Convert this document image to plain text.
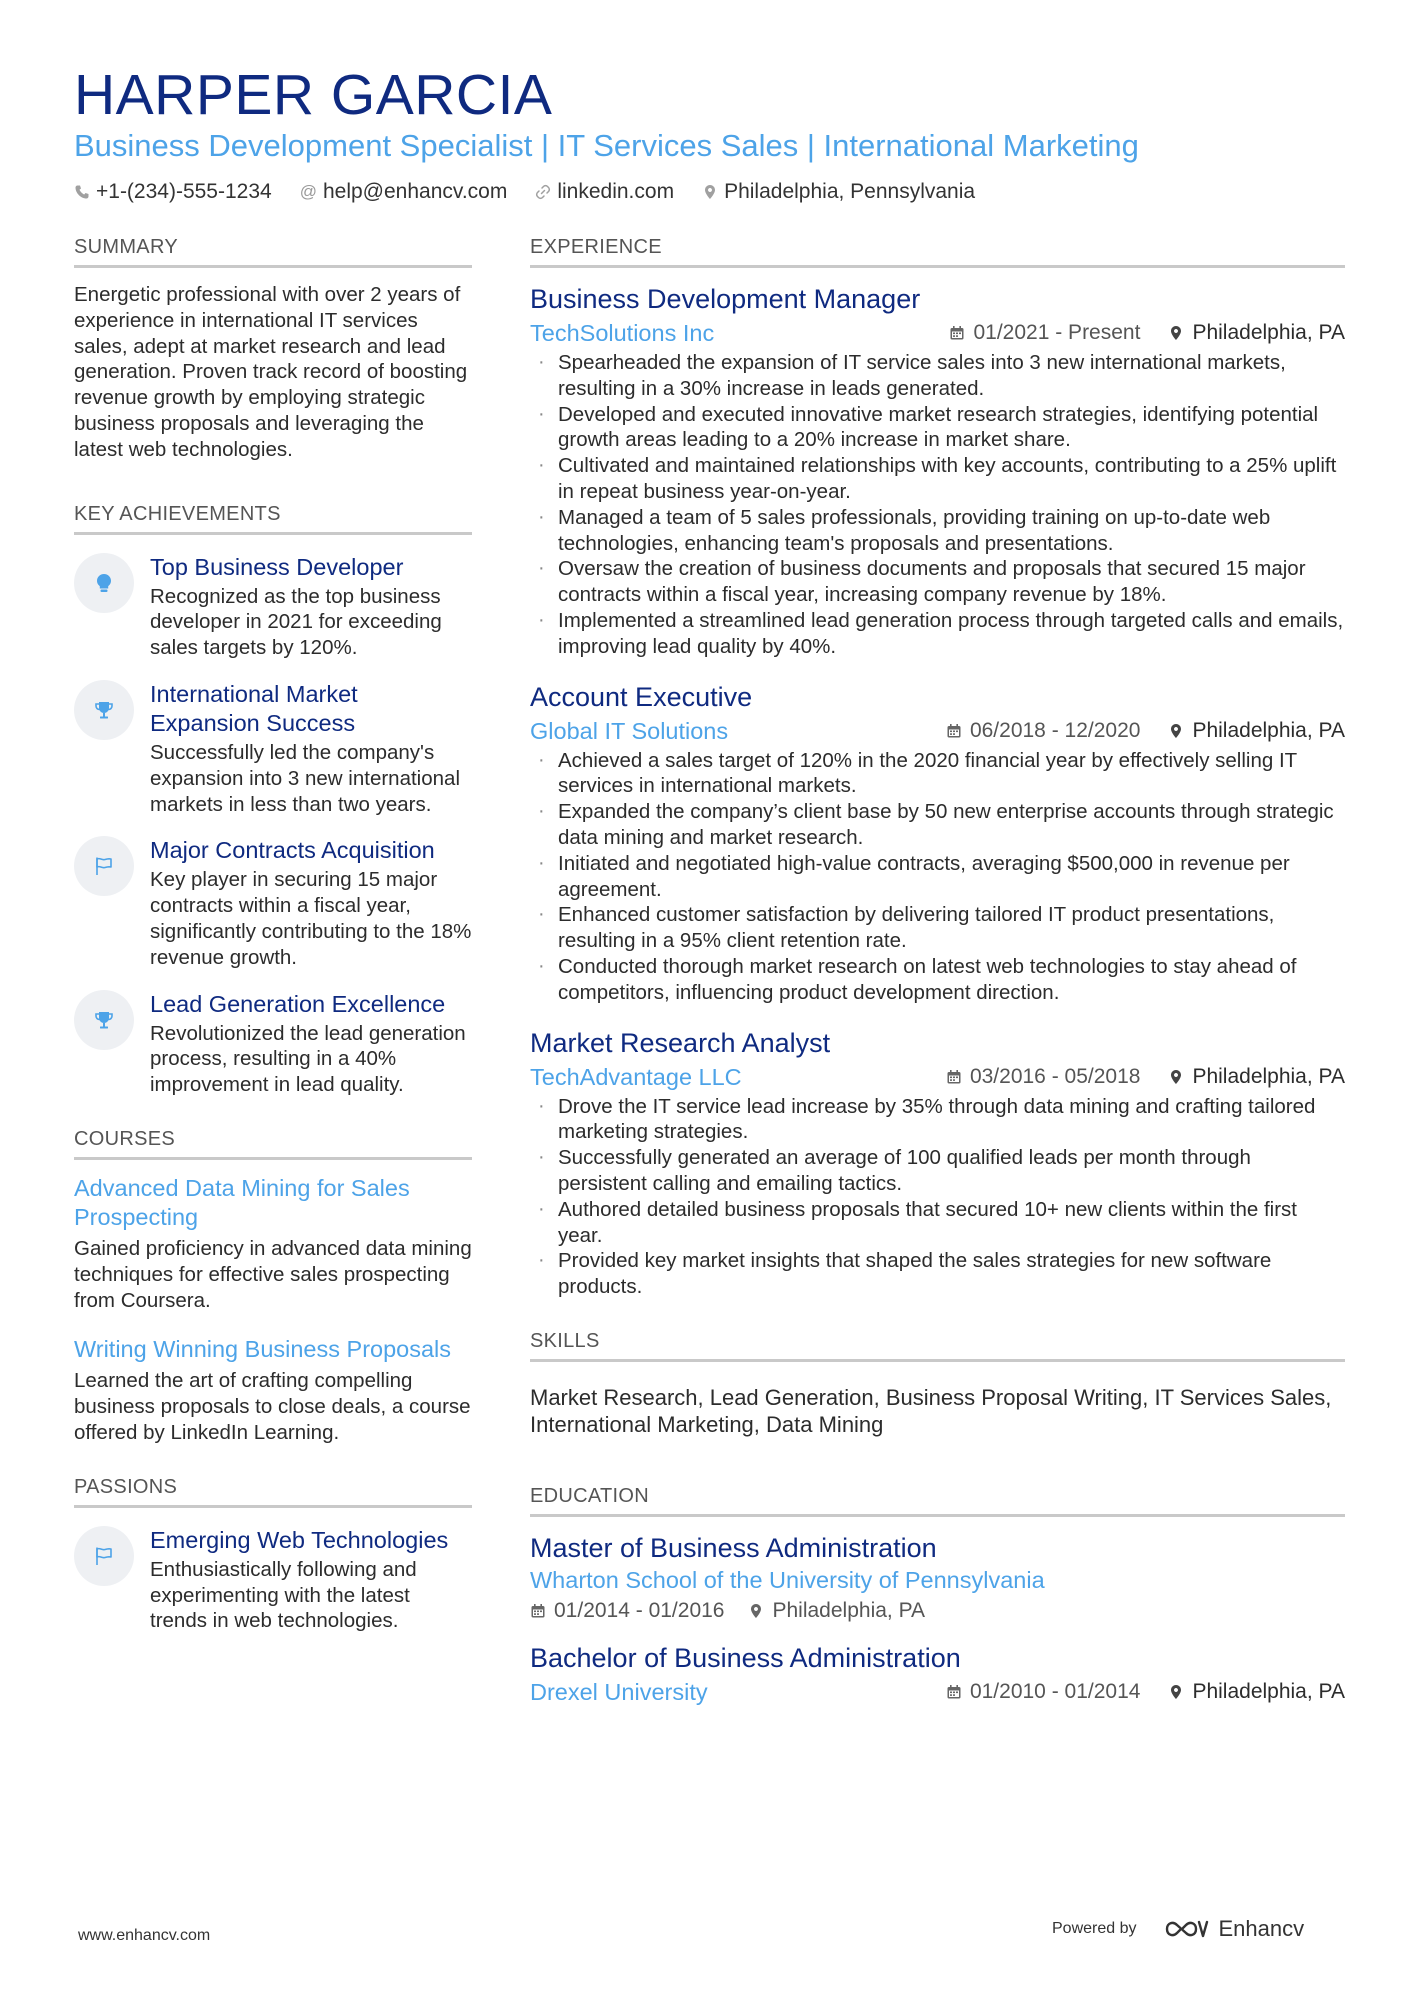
HARPER GARCIA
Business Development Specialist | IT Services Sales | International Marketing
+1-(234)-555-1234 @ help@enhancv.com linkedin.com Philadelphia, Pennsylvania
SUMMARY
Energetic professional with over 2 years of experience in international IT services sales, adept at market research and lead generation. Proven track record of boosting revenue growth by employing strategic business proposals and leveraging the latest web technologies.
KEY ACHIEVEMENTS
Top Business Developer
Recognized as the top business developer in 2021 for exceeding sales targets by 120%.
International Market Expansion Success
Successfully led the company's expansion into 3 new international markets in less than two years.
Major Contracts Acquisition
Key player in securing 15 major contracts within a fiscal year, significantly contributing to the 18% revenue growth.
Lead Generation Excellence
Revolutionized the lead generation process, resulting in a 40% improvement in lead quality.
COURSES
Advanced Data Mining for Sales Prospecting
Gained proficiency in advanced data mining techniques for effective sales prospecting from Coursera.
Writing Winning Business Proposals
Learned the art of crafting compelling business proposals to close deals, a course offered by LinkedIn Learning.
PASSIONS
Emerging Web Technologies
Enthusiastically following and experimenting with the latest trends in web technologies.
EXPERIENCE
Business Development Manager
TechSolutions Inc	01/2021 - Present Philadelphia, PA
· Spearheaded the expansion of IT service sales into 3 new international markets, resulting in a 30% increase in leads generated.
· Developed and executed innovative market research strategies, identifying potential growth areas leading to a 20% increase in market share.
· Cultivated and maintained relationships with key accounts, contributing to a 25% uplift in repeat business year-on-year.
· Managed a team of 5 sales professionals, providing training on up-to-date web technologies, enhancing team's proposals and presentations.
· Oversaw the creation of business documents and proposals that secured 15 major contracts within a fiscal year, increasing company revenue by 18%.
· Implemented a streamlined lead generation process through targeted calls and emails, improving lead quality by 40%.
Account Executive
Global IT Solutions	06/2018 - 12/2020 Philadelphia, PA
· Achieved a sales target of 120% in the 2020 financial year by effectively selling IT services in international markets.
· Expanded the company’s client base by 50 new enterprise accounts through strategic data mining and market research.
· Initiated and negotiated high-value contracts, averaging $500,000 in revenue per agreement.
· Enhanced customer satisfaction by delivering tailored IT product presentations, resulting in a 95% client retention rate.
· Conducted thorough market research on latest web technologies to stay ahead of competitors, influencing product development direction.
Market Research Analyst
TechAdvantage LLC	03/2016 - 05/2018 Philadelphia, PA
· Drove the IT service lead increase by 35% through data mining and crafting tailored marketing strategies.
· Successfully generated an average of 100 qualified leads per month through persistent calling and emailing tactics.
· Authored detailed business proposals that secured 10+ new clients within the first year.
· Provided key market insights that shaped the sales strategies for new software products.
SKILLS
Market Research, Lead Generation, Business Proposal Writing, IT Services Sales, International Marketing, Data Mining
EDUCATION
Master of Business Administration
Wharton School of the University of Pennsylvania
01/2014 - 01/2016 Philadelphia, PA
Bachelor of Business Administration
Drexel University	01/2010 - 01/2014 Philadelphia, PA
www.enhancv.com	Powered by	Enhancv
